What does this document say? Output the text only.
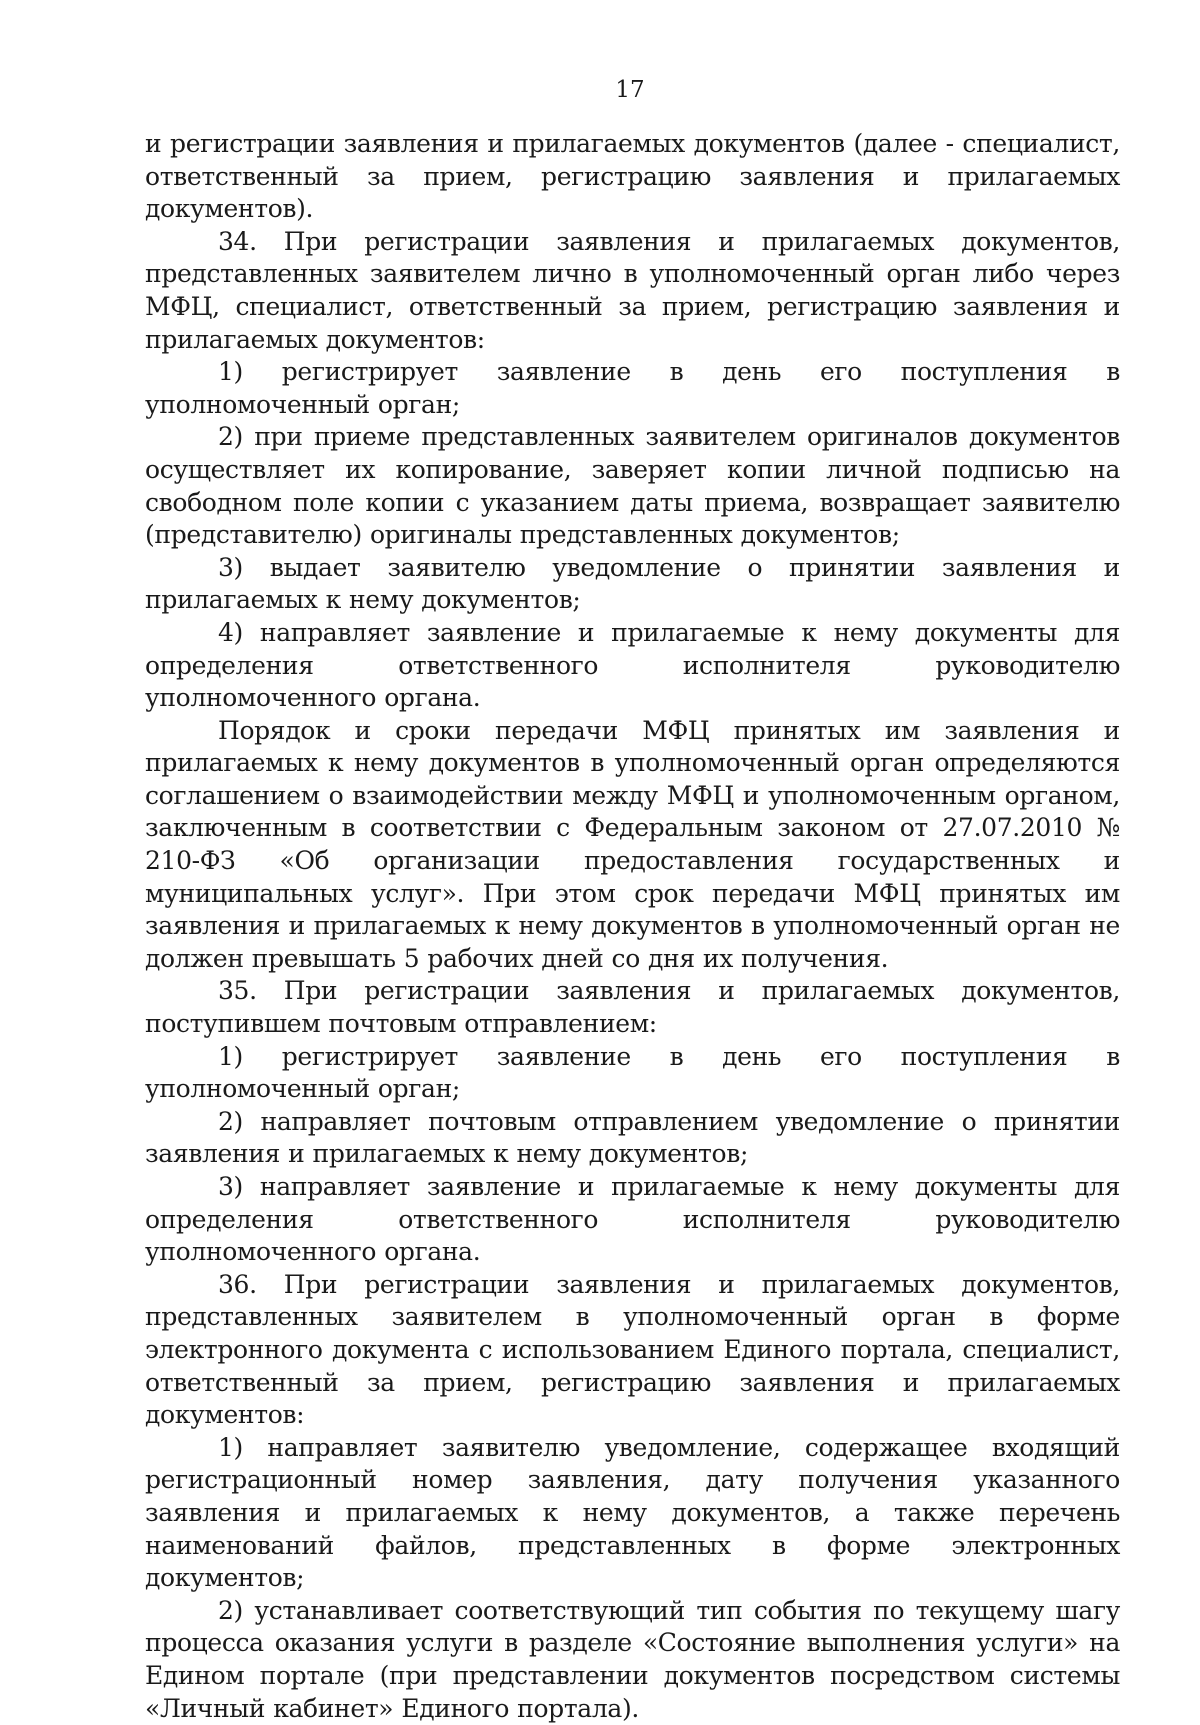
17

и регистрации заявления и прилагаемых документов (далее - специалист, ответственный за прием, регистрацию заявления и прилагаемых документов).

34. При регистрации заявления и прилагаемых документов, представленных заявителем лично в уполномоченный орган либо через МФЦ, специалист, ответственный за прием, регистрацию заявления и прилагаемых документов:

1) регистрирует заявление в день его поступления в уполномоченный орган;

2) при приеме представленных заявителем оригиналов документов осуществляет их копирование, заверяет копии личной подписью на свободном поле копии с указанием даты приема, возвращает заявителю (представителю) оригиналы представленных документов;

3) выдает заявителю уведомление о принятии заявления и прилагаемых к нему документов;

4) направляет заявление и прилагаемые к нему документы для определения ответственного исполнителя руководителю уполномоченного органа.

Порядок и сроки передачи МФЦ принятых им заявления и прилагаемых к нему документов в уполномоченный орган определяются соглашением о взаимодействии между МФЦ и уполномоченным органом, заключенным в соответствии с Федеральным законом от 27.07.2010 № 210-ФЗ «Об организации предоставления государственных и муниципальных услуг». При этом срок передачи МФЦ принятых им заявления и прилагаемых к нему документов в уполномоченный орган не должен превышать 5 рабочих дней со дня их получения.

35. При регистрации заявления и прилагаемых документов, поступившем почтовым отправлением:

1) регистрирует заявление в день его поступления в уполномоченный орган;

2) направляет почтовым отправлением уведомление о принятии заявления и прилагаемых к нему документов;

3) направляет заявление и прилагаемые к нему документы для определения ответственного исполнителя руководителю уполномоченного органа.

36. При регистрации заявления и прилагаемых документов, представленных заявителем в уполномоченный орган в форме электронного документа с использованием Единого портала, специалист, ответственный за прием, регистрацию заявления и прилагаемых документов:

1) направляет заявителю уведомление, содержащее входящий регистрационный номер заявления, дату получения указанного заявления и прилагаемых к нему документов, а также перечень наименований файлов, представленных в форме электронных документов;

2) устанавливает соответствующий тип события по текущему шагу процесса оказания услуги в разделе «Состояние выполнения услуги» на Едином портале (при представлении документов посредством системы «Личный кабинет» Единого портала).
